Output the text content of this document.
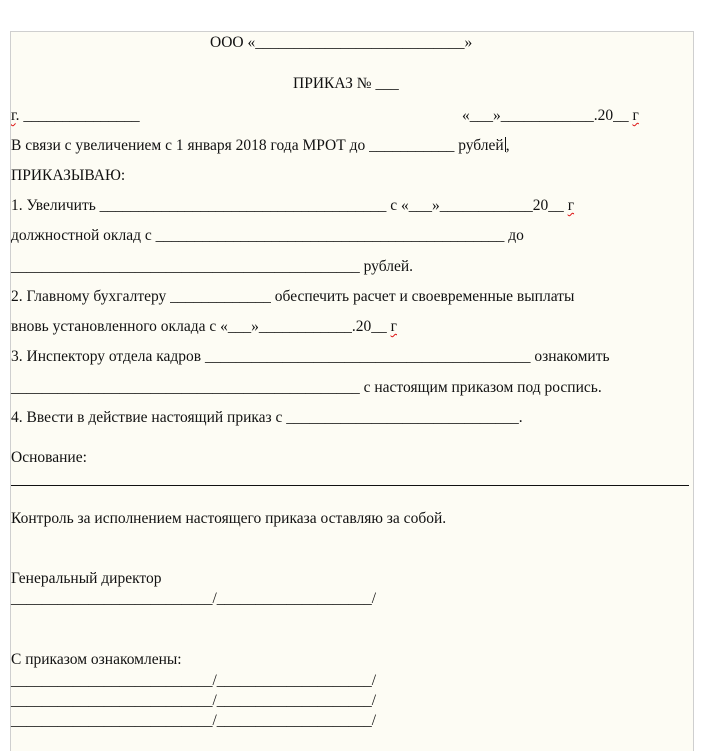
ООО «___________________________»
ПРИКАЗ № ___
г. _______________	«___»____________.20__ г
В связи с увеличением с 1 января 2018 года МРОТ до ___________ рублей ,
ПРИКАЗЫВАЮ:
1. Увеличить _____________________________________ с «___»____________20__ г
должностной оклад с _____________________________________________ до
_____________________________________________ рублей.
2. Главному бухгалтеру _____________ обеспечить расчет и своевременные выплаты
вновь установленного оклада с «___»____________.20__ г
3. Инспектору отдела кадров __________________________________________ ознакомить
_____________________________________________ с настоящим приказом под роспись.
4. Ввести в действие настоящий приказ с ______________________________.
Основание:
Контроль за исполнением настоящего приказа оставляю за собой.
Генеральный директор
__________________________/____________________/
С приказом ознакомлены:
__________________________/____________________/
__________________________/____________________/
__________________________/____________________/
